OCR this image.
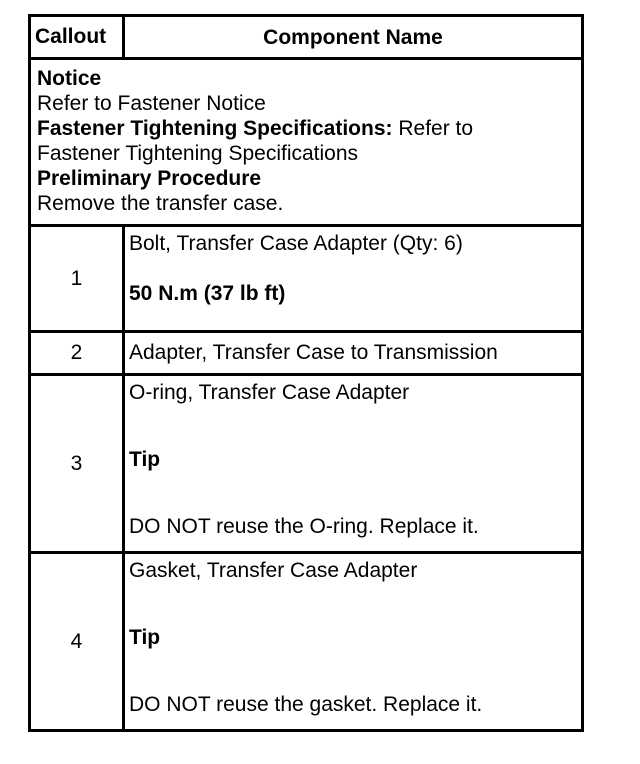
Callout	Component Name
Notice
Refer to Fastener Notice
Fastener Tightening Specifications: Refer to
Fastener Tightening Specifications
Preliminary Procedure
Remove the transfer case.
1
Bolt, Transfer Case Adapter (Qty: 6)
50 N.m (37 lb ft)
2	Adapter, Transfer Case to Transmission
3
O-ring, Transfer Case Adapter
Tip
DO NOT reuse the O-ring. Replace it.
4
Gasket, Transfer Case Adapter
Tip
DO NOT reuse the gasket. Replace it.
